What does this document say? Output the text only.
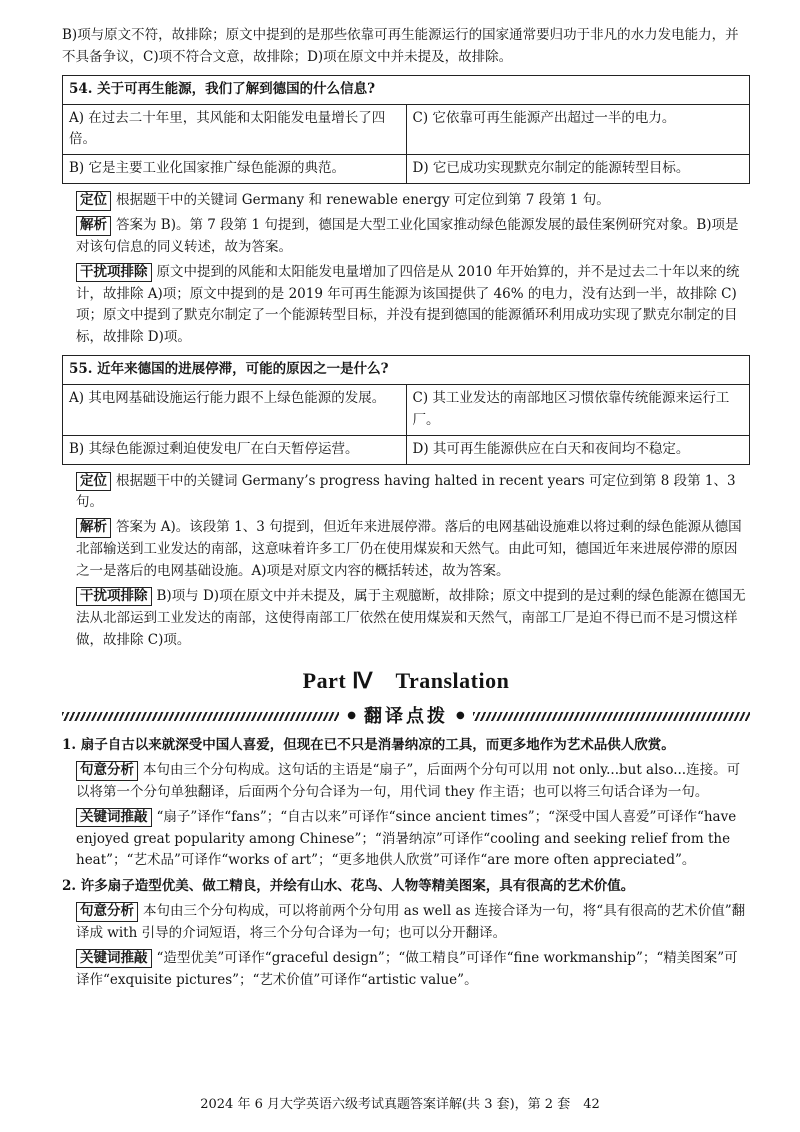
B)项与原文不符，故排除；原文中提到的是那些依靠可再生能源运行的国家通常要归功于非凡的水力发电能力，并不具备争议，C)项不符合文意，故排除；D)项在原文中并未提及，故排除。

54. 关于可再生能源，我们了解到德国的什么信息?	
A) 在过去二十年里，其风能和太阳能发电量增长了四倍。	C) 它依靠可再生能源产出超过一半的电力。
B) 它是主要工业化国家推广绿色能源的典范。	D) 它已成功实现默克尔制定的能源转型目标。

定位 根据题干中的关键词 Germany 和 renewable energy 可定位到第 7 段第 1 句。

解析 答案为 B)。第 7 段第 1 句提到，德国是大型工业化国家推动绿色能源发展的最佳案例研究对象。B)项是对该句信息的同义转述，故为答案。

干扰项排除 原文中提到的风能和太阳能发电量增加了四倍是从 2010 年开始算的，并不是过去二十年以来的统计，故排除 A)项；原文中提到的是 2019 年可再生能源为该国提供了 46% 的电力，没有达到一半，故排除 C)项；原文中提到了默克尔制定了一个能源转型目标，并没有提到德国的能源循环利用成功实现了默克尔制定的目标，故排除 D)项。

55. 近年来德国的进展停滞，可能的原因之一是什么?	
A) 其电网基础设施运行能力跟不上绿色能源的发展。	C) 其工业发达的南部地区习惯依靠传统能源来运行工厂。
B) 其绿色能源过剩迫使发电厂在白天暂停运营。	D) 其可再生能源供应在白天和夜间均不稳定。

定位 根据题干中的关键词 Germany’s progress having halted in recent years 可定位到第 8 段第 1、3 句。

解析 答案为 A)。该段第 1、3 句提到，但近年来进展停滞。落后的电网基础设施难以将过剩的绿色能源从德国北部输送到工业发达的南部，这意味着许多工厂仍在使用煤炭和天然气。由此可知，德国近年来进展停滞的原因之一是落后的电网基础设施。A)项是对原文内容的概括转述，故为答案。

干扰项排除 B)项与 D)项在原文中并未提及，属于主观臆断，故排除；原文中提到的是过剩的绿色能源在德国无法从北部运到工业发达的南部，这使得南部工厂依然在使用煤炭和天然气，南部工厂是迫不得已而不是习惯这样做，故排除 C)项。

Part Ⅳ　Translation
● 翻译点拨 ●

1. 扇子自古以来就深受中国人喜爱，但现在已不只是消暑纳凉的工具，而更多地作为艺术品供人欣赏。

句意分析 本句由三个分句构成。这句话的主语是“扇子”，后面两个分句可以用 not only...but also...连接。可以将第一个分句单独翻译，后面两个分句合译为一句，用代词 they 作主语；也可以将三句话合译为一句。

关键词推敲 “扇子”译作“fans”；“自古以来”可译作“since ancient times”；“深受中国人喜爱”可译作“have enjoyed great popularity among Chinese”；“消暑纳凉”可译作“cooling and seeking relief from the heat”；“艺术品”可译作“works of art”；“更多地供人欣赏”可译作“are more often appreciated”。

2. 许多扇子造型优美、做工精良，并绘有山水、花鸟、人物等精美图案，具有很高的艺术价值。

句意分析 本句由三个分句构成，可以将前两个分句用 as well as 连接合译为一句，将“具有很高的艺术价值”翻译成 with 引导的介词短语，将三个分句合译为一句；也可以分开翻译。

关键词推敲 “造型优美”可译作“graceful design”；“做工精良”可译作“fine workmanship”；“精美图案”可译作“exquisite pictures”；“艺术价值”可译作“artistic value”。

2024 年 6 月大学英语六级考试真题答案详解(共 3 套)，第 2 套　42
